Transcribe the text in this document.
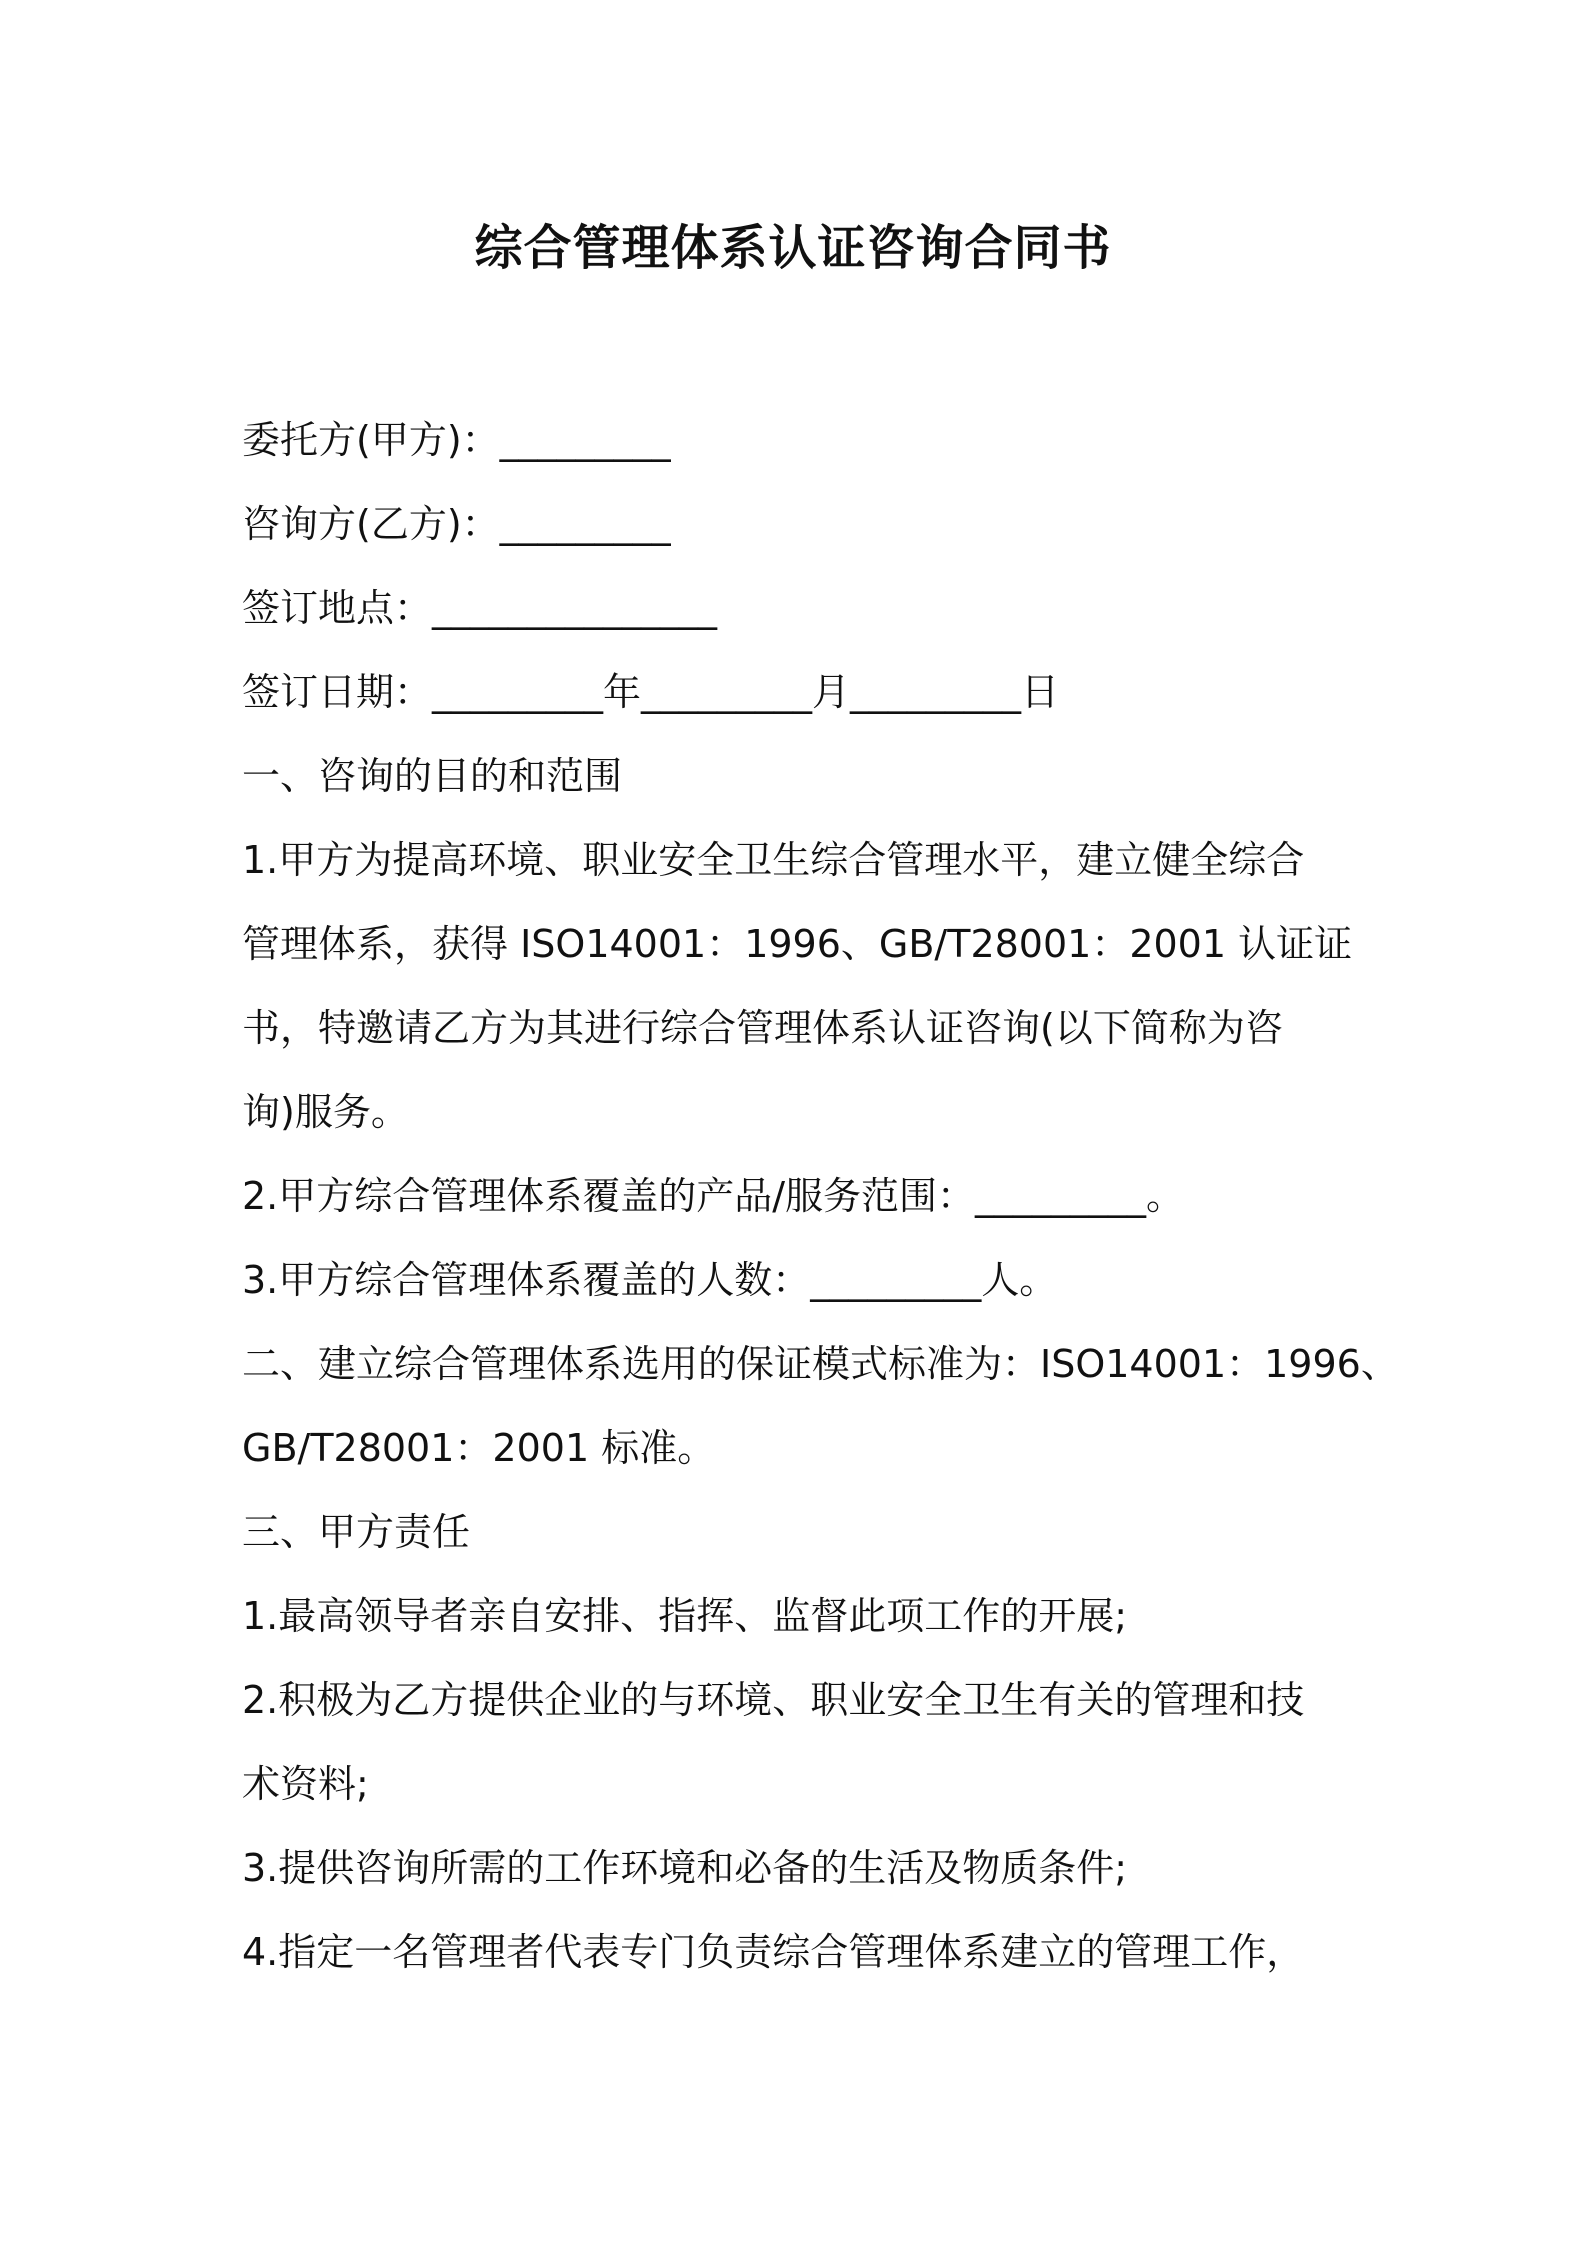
综合管理体系认证咨询合同书

委托方(甲方)：_________

咨询方(乙方)：_________

签订地点：_______________

签订日期：_________年_________月_________日

一、咨询的目的和范围

1.甲方为提高环境、职业安全卫生综合管理水平，建立健全综合

管理体系，获得 ISO14001：1996、GB/T28001：2001 认证证

书，特邀请乙方为其进行综合管理体系认证咨询(以下简称为咨

询)服务。

2.甲方综合管理体系覆盖的产品/服务范围：_________。

3.甲方综合管理体系覆盖的人数：_________人。

二、建立综合管理体系选用的保证模式标准为：ISO14001：1996、

GB/T28001：2001 标准。

三、甲方责任

1.最高领导者亲自安排、指挥、监督此项工作的开展;

2.积极为乙方提供企业的与环境、职业安全卫生有关的管理和技

术资料;

3.提供咨询所需的工作环境和必备的生活及物质条件;

4.指定一名管理者代表专门负责综合管理体系建立的管理工作，
